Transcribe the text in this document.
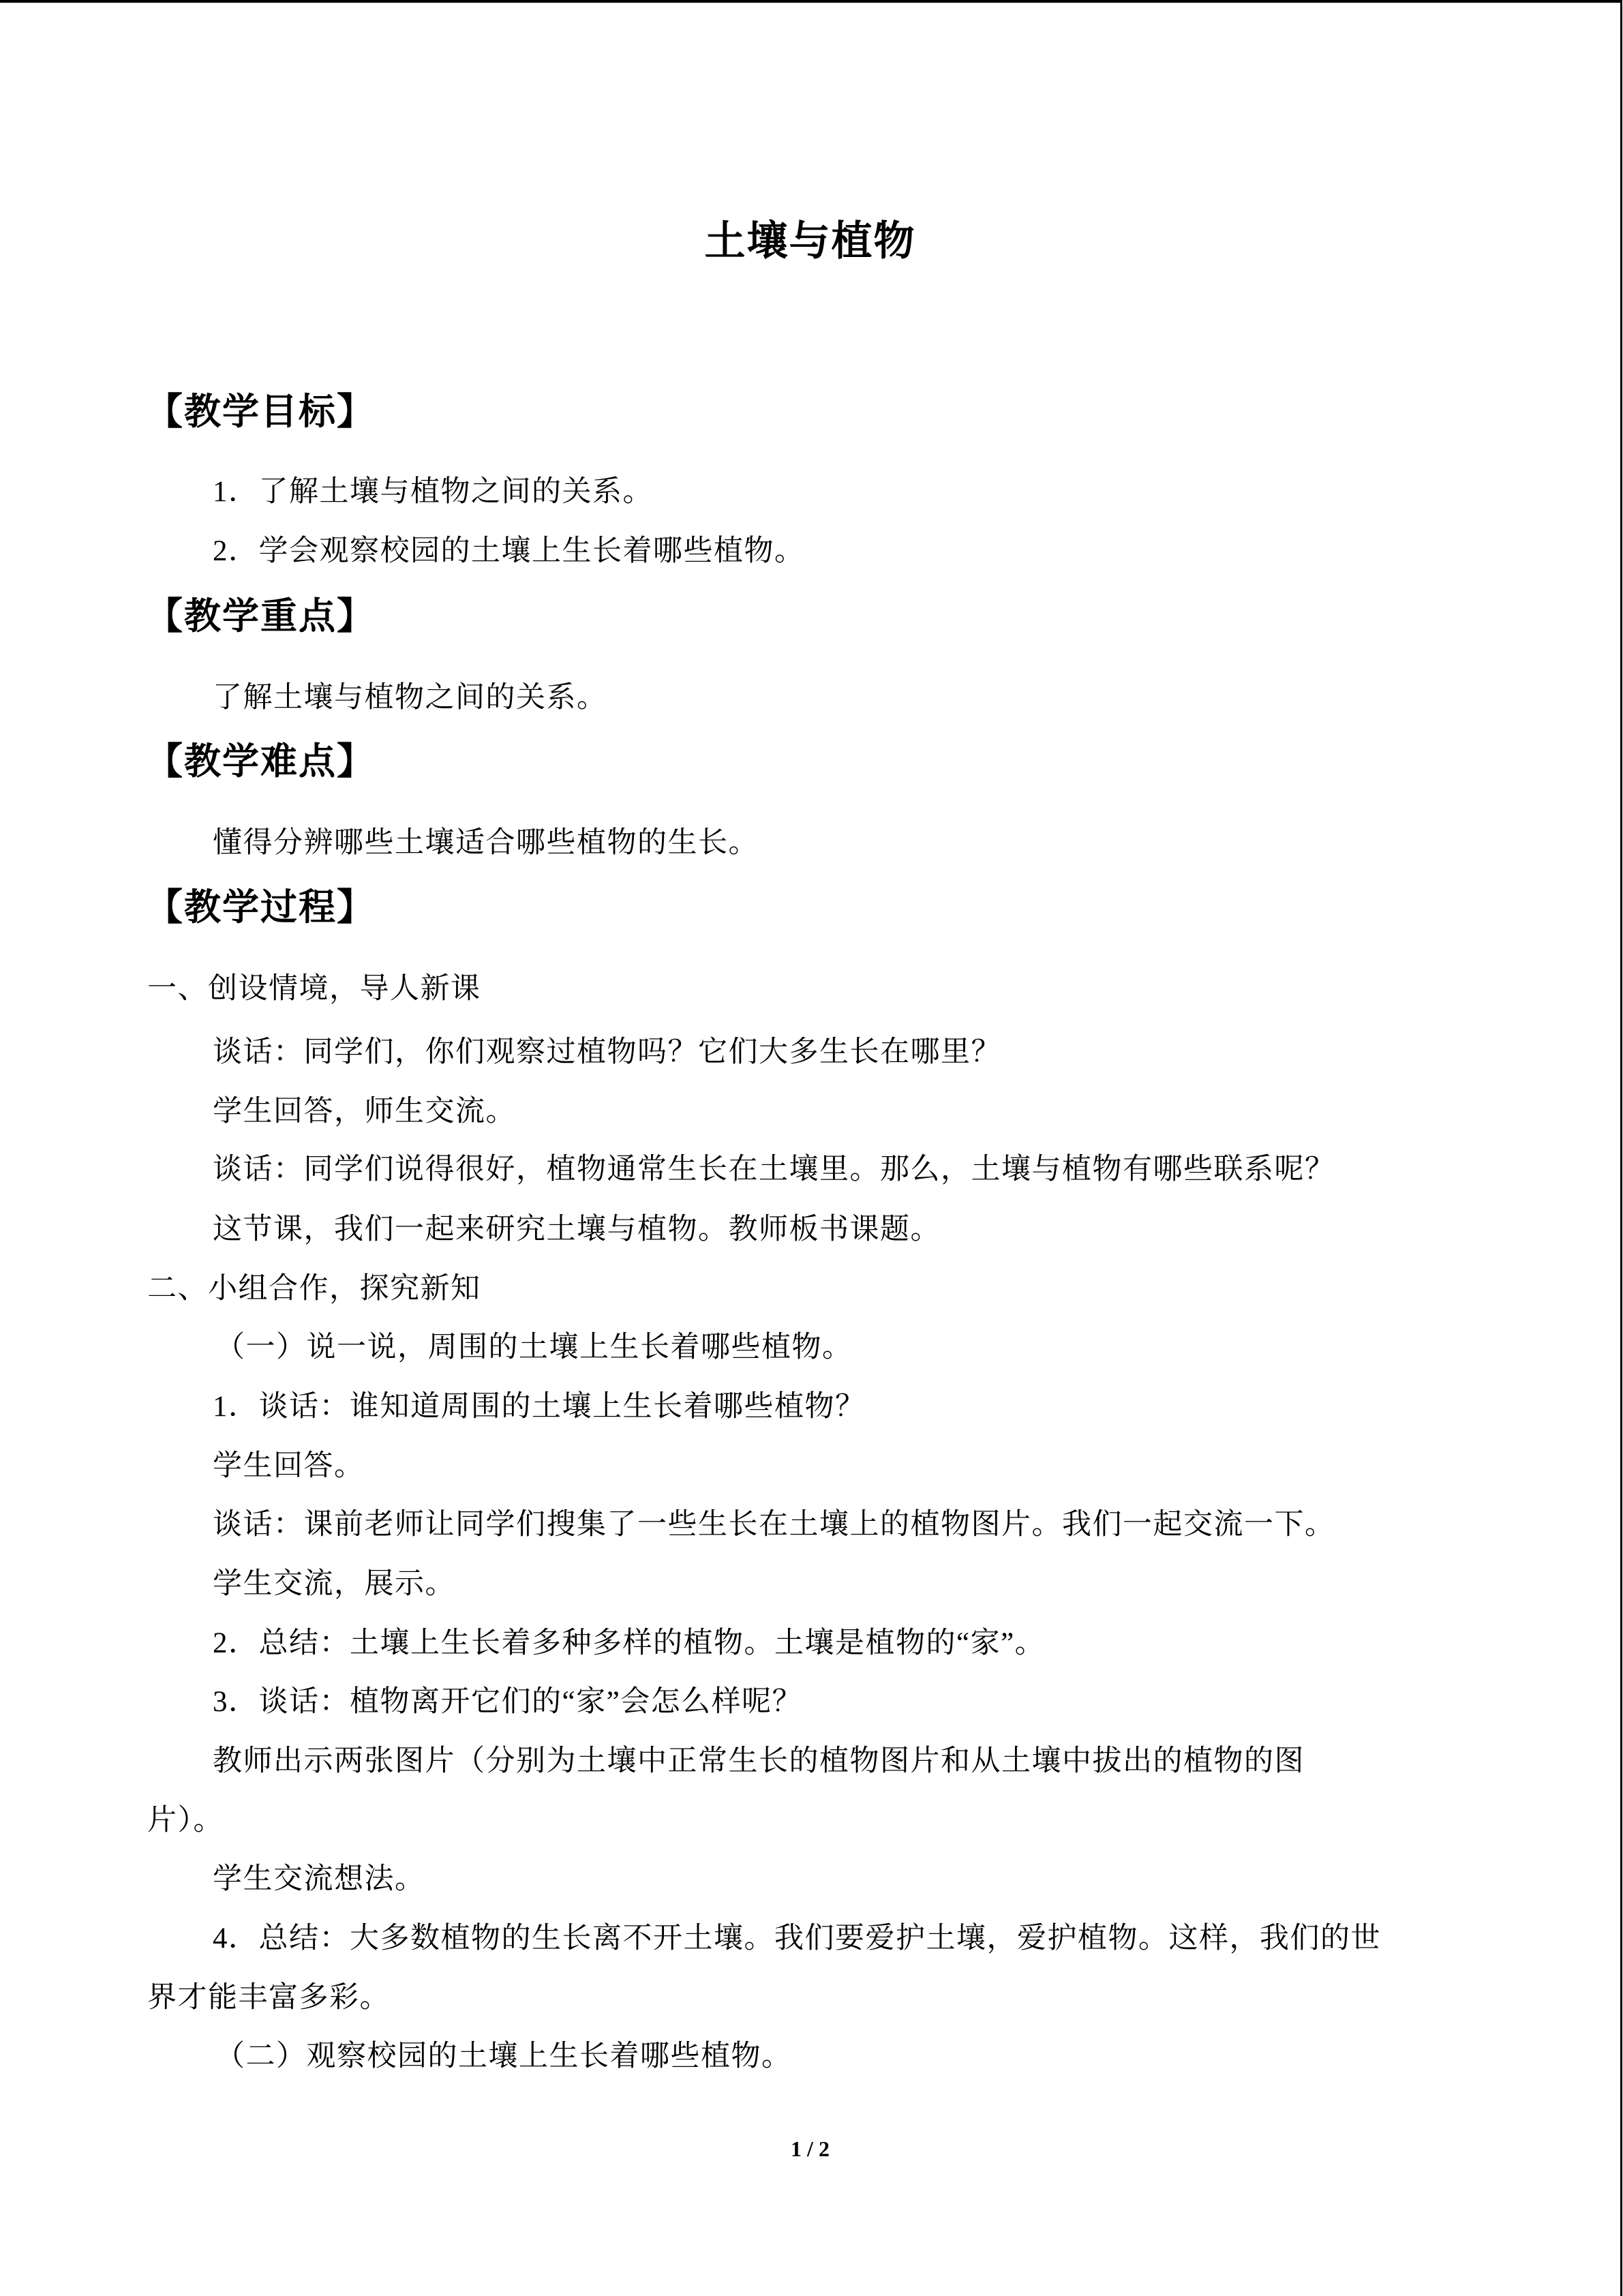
土壤与植物
【教学目标】
1．了解土壤与植物之间的关系。
2．学会观察校园的土壤上生长着哪些植物。
【教学重点】
了解土壤与植物之间的关系。
【教学难点】
懂得分辨哪些土壤适合哪些植物的生长。
【教学过程】
一、创设情境，导人新课
谈话：同学们，你们观察过植物吗？它们大多生长在哪里？
学生回答，师生交流。
谈话：同学们说得很好，植物通常生长在土壤里。那么，土壤与植物有哪些联系呢？
这节课，我们一起来研究土壤与植物。教师板书课题。
二、小组合作，探究新知
（一）说一说，周围的土壤上生长着哪些植物。
1．谈话：谁知道周围的土壤上生长着哪些植物？
学生回答。
谈话：课前老师让同学们搜集了一些生长在土壤上的植物图片。我们一起交流一下。
学生交流，展示。
2．总结：土壤上生长着多种多样的植物。土壤是植物的“家”。
3．谈话：植物离开它们的“家”会怎么样呢？
教师出示两张图片（分别为土壤中正常生长的植物图片和从土壤中拔出的植物的图
片）。
学生交流想法。
4．总结：大多数植物的生长离不开土壤。我们要爱护土壤，爱护植物。这样，我们的世
界才能丰富多彩。
（二）观察校园的土壤上生长着哪些植物。
1 / 2
